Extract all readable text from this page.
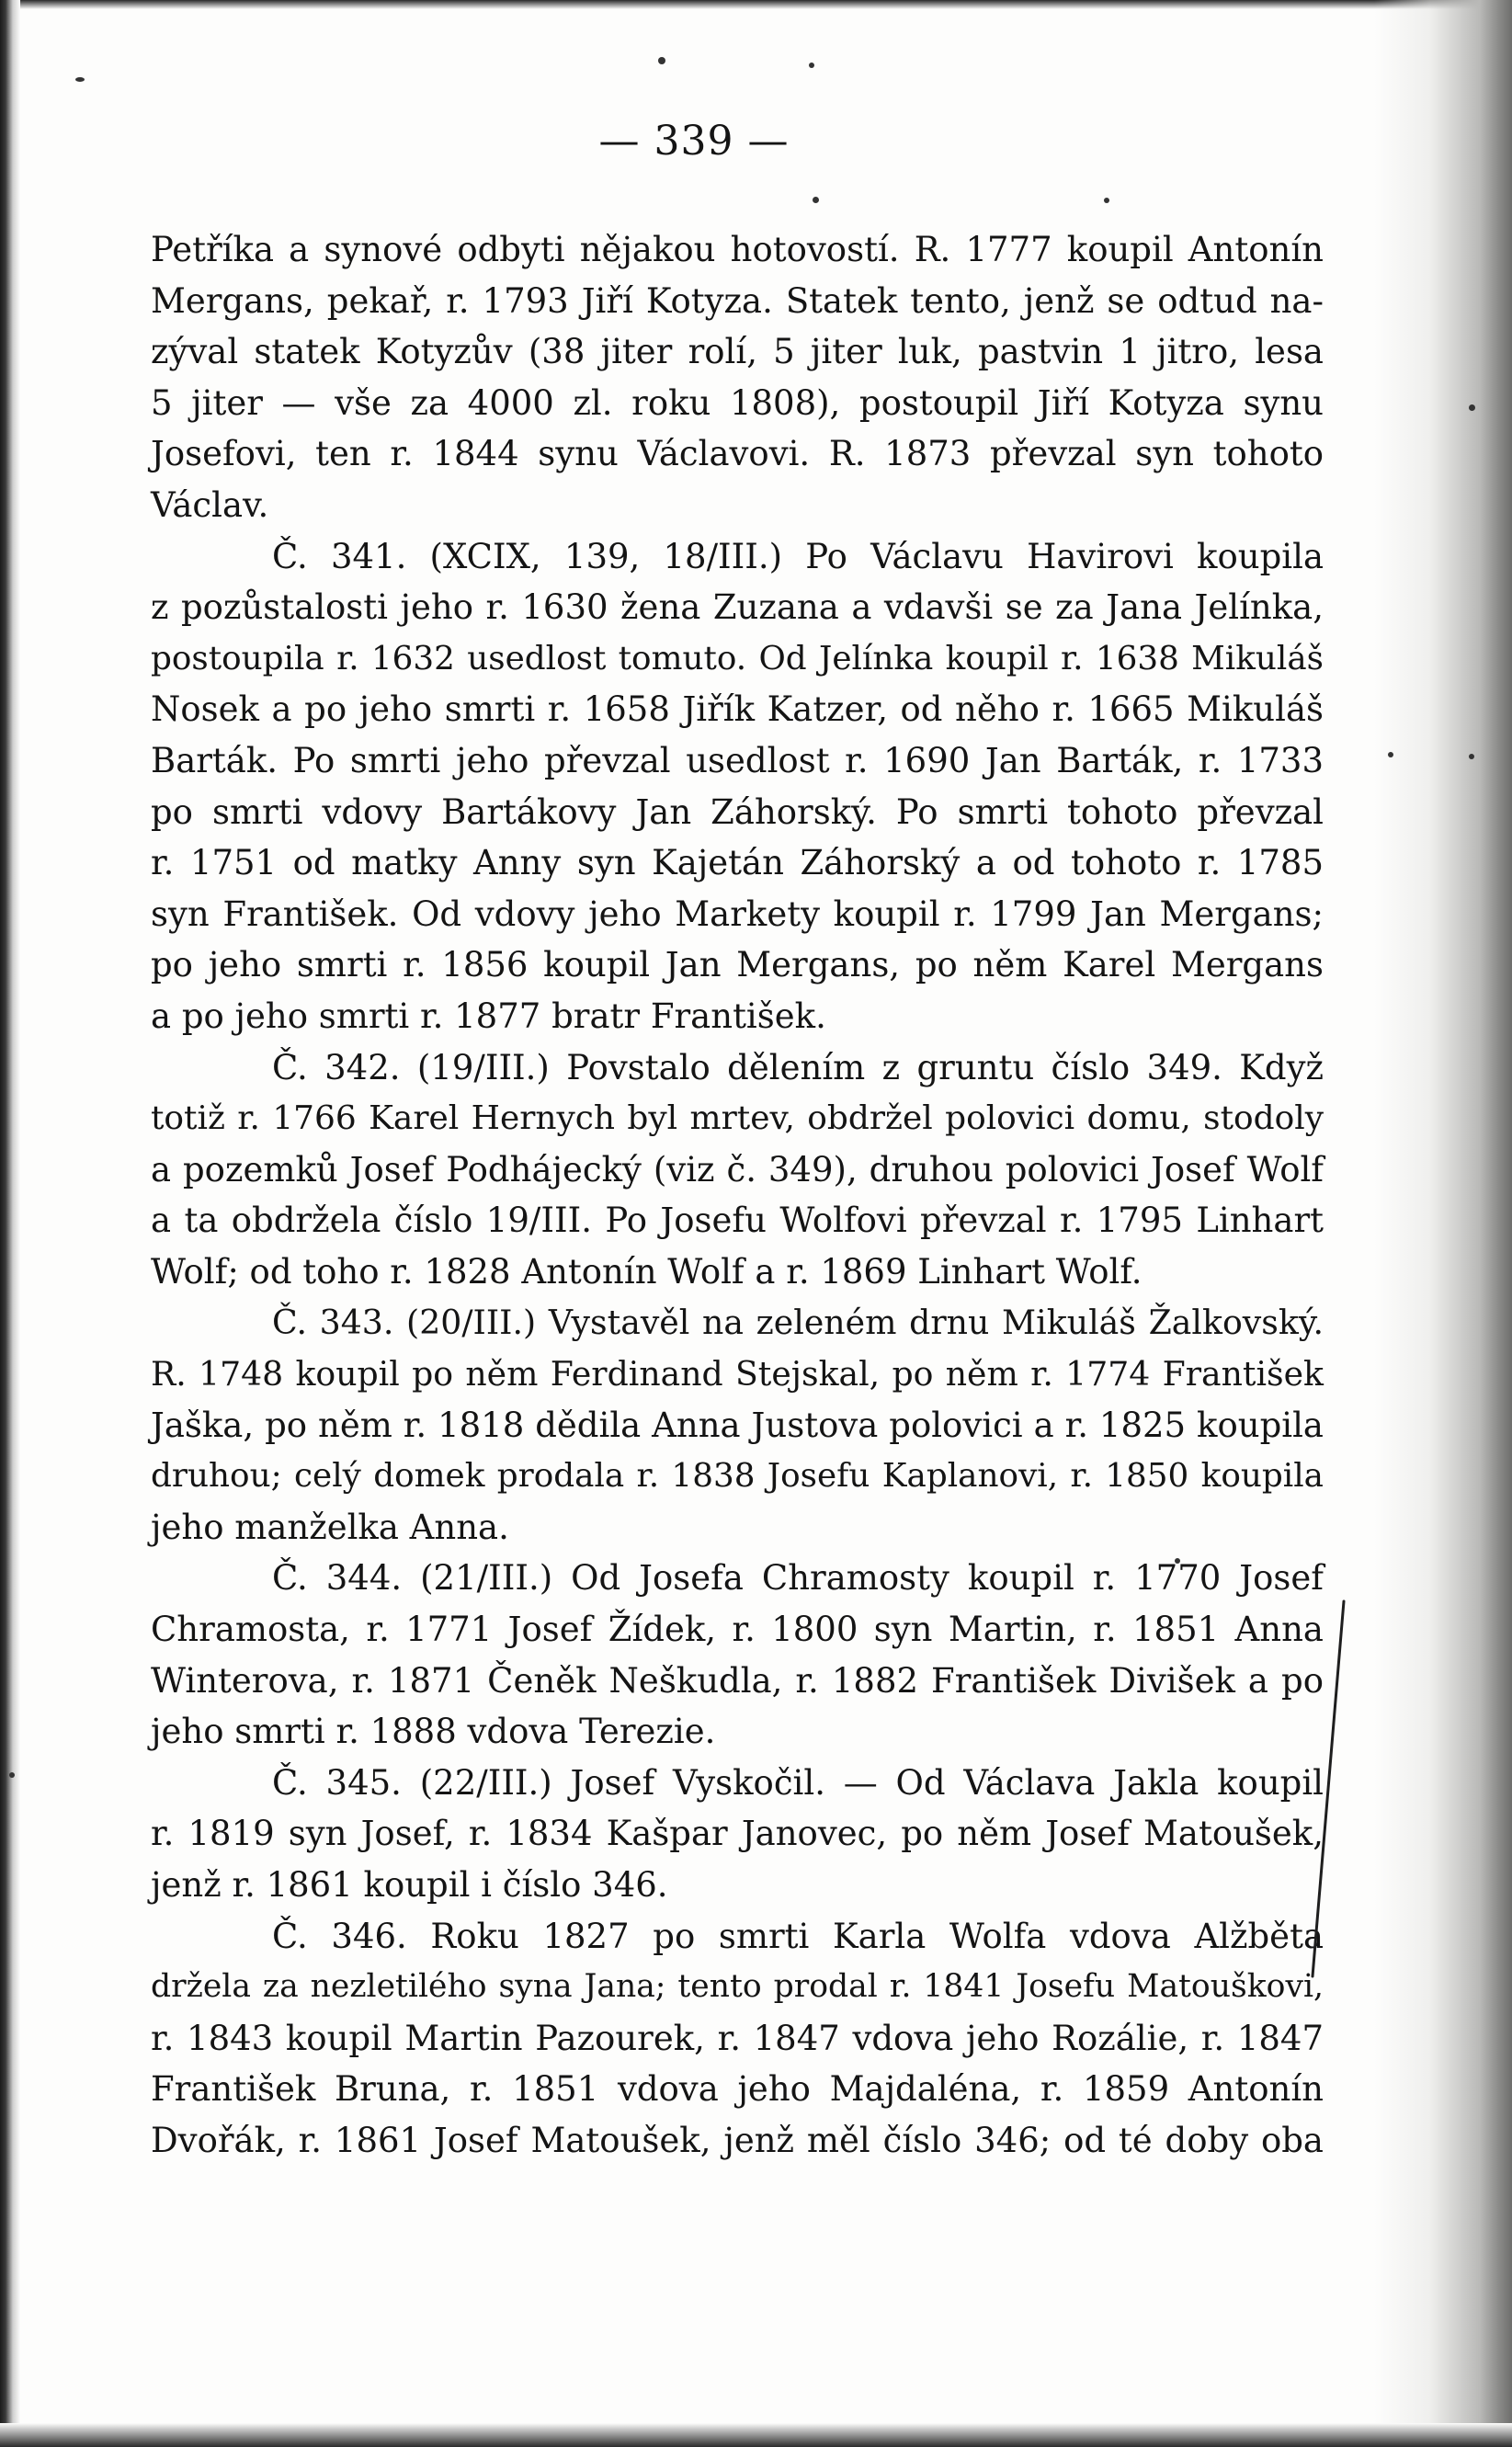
— 339 —
Petříka a synové odbyti nějakou hotovostí. R. 1777 koupil Antonín
Mergans, pekař, r. 1793 Jiří Kotyza. Statek tento, jenž se odtud na-
zýval statek Kotyzův (38 jiter rolí, 5 jiter luk, pastvin 1 jitro, lesa
5 jiter — vše za 4000 zl. roku 1808), postoupil Jiří Kotyza synu
Josefovi, ten r. 1844 synu Václavovi. R. 1873 převzal syn tohoto
Václav.
Č. 341. (XCIX, 139, 18/III.) Po Václavu Havirovi koupila
z pozůstalosti jeho r. 1630 žena Zuzana a vdavši se za Jana Jelínka,
postoupila r. 1632 usedlost tomuto. Od Jelínka koupil r. 1638 Mikuláš
Nosek a po jeho smrti r. 1658 Jiřík Katzer, od něho r. 1665 Mikuláš
Barták. Po smrti jeho převzal usedlost r. 1690 Jan Barták, r. 1733
po smrti vdovy Bartákovy Jan Záhorský. Po smrti tohoto převzal
r. 1751 od matky Anny syn Kajetán Záhorský a od tohoto r. 1785
syn František. Od vdovy jeho Markety koupil r. 1799 Jan Mergans;
po jeho smrti r. 1856 koupil Jan Mergans, po něm Karel Mergans
a po jeho smrti r. 1877 bratr František.
Č. 342. (19/III.) Povstalo dělením z gruntu číslo 349. Když
totiž r. 1766 Karel Hernych byl mrtev, obdržel polovici domu, stodoly
a pozemků Josef Podhájecký (viz č. 349), druhou polovici Josef Wolf
a ta obdržela číslo 19/III. Po Josefu Wolfovi převzal r. 1795 Linhart
Wolf; od toho r. 1828 Antonín Wolf a r. 1869 Linhart Wolf.
Č. 343. (20/III.) Vystavěl na zeleném drnu Mikuláš Žalkovský.
R. 1748 koupil po něm Ferdinand Stejskal, po něm r. 1774 František
Jaška, po něm r. 1818 dědila Anna Justova polovici a r. 1825 koupila
druhou; celý domek prodala r. 1838 Josefu Kaplanovi, r. 1850 koupila
jeho manželka Anna.
Č. 344. (21/III.) Od Josefa Chramosty koupil r. 1770 Josef
Chramosta, r. 1771 Josef Žídek, r. 1800 syn Martin, r. 1851 Anna
Winterova, r. 1871 Čeněk Neškudla, r. 1882 František Divišek a po
jeho smrti r. 1888 vdova Terezie.
Č. 345. (22/III.) Josef Vyskočil. — Od Václava Jakla koupil
r. 1819 syn Josef, r. 1834 Kašpar Janovec, po něm Josef Matoušek,
jenž r. 1861 koupil i číslo 346.
Č. 346. Roku 1827 po smrti Karla Wolfa vdova Alžběta
držela za nezletilého syna Jana; tento prodal r. 1841 Josefu Matouškovi,
r. 1843 koupil Martin Pazourek, r. 1847 vdova jeho Rozálie, r. 1847
František Bruna, r. 1851 vdova jeho Majdaléna, r. 1859 Antonín
Dvořák, r. 1861 Josef Matoušek, jenž měl číslo 346; od té doby oba
